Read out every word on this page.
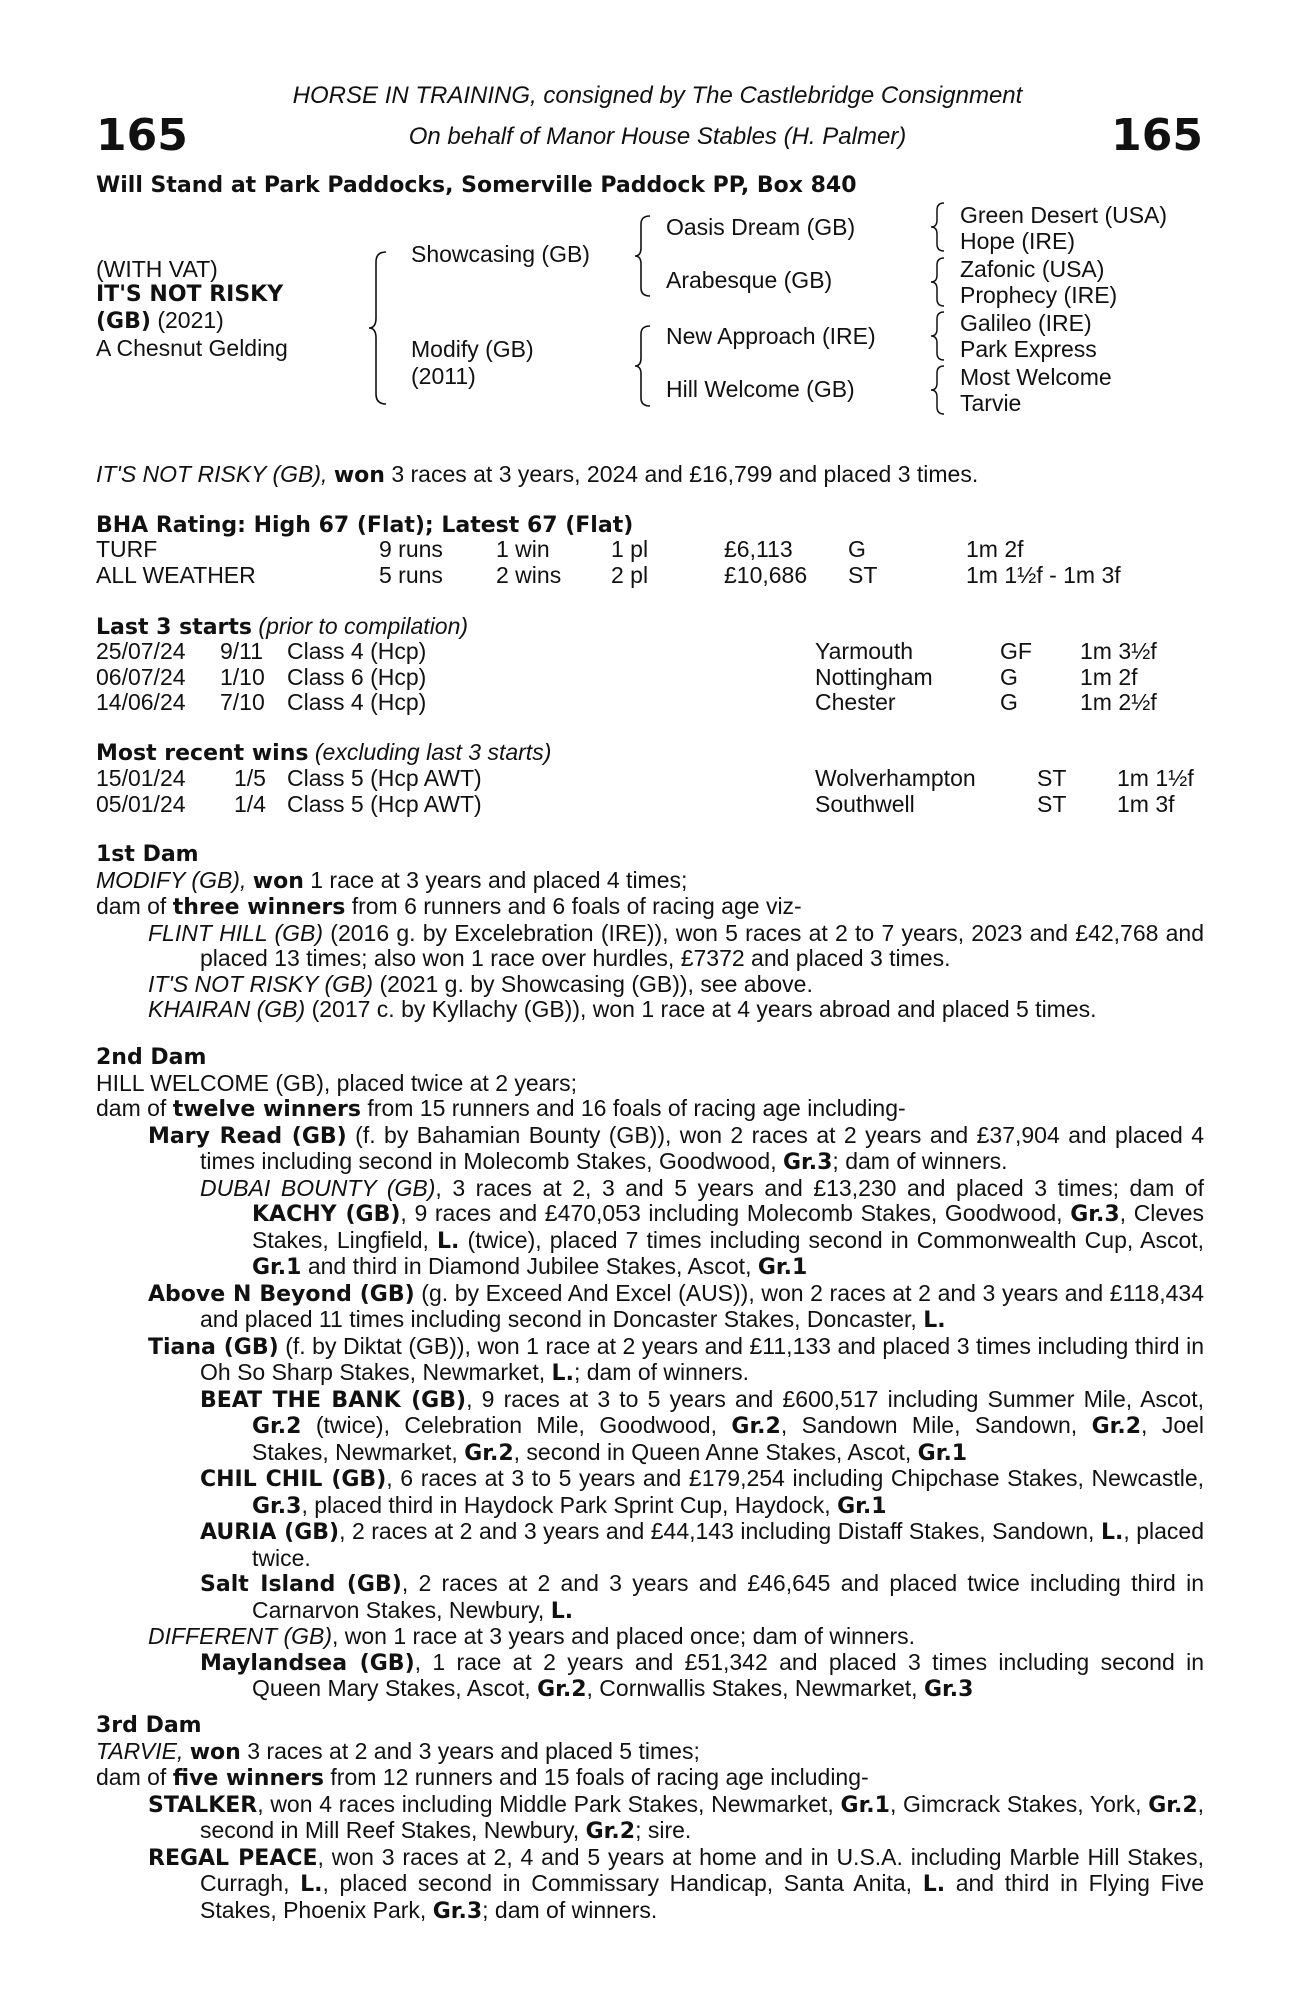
165	165
HORSE IN TRAINING, consigned by The Castlebridge Consignment
On behalf of Manor House Stables (H. Palmer)
Will Stand at Park Paddocks, Somerville Paddock PP, Box 840
(WITH VAT)
IT'S NOT RISKY
(GB) (2021)
A Chesnut Gelding
Showcasing (GB)
Modify (GB)
(2011)
Oasis Dream (GB)
Arabesque (GB)
New Approach (IRE)
Hill Welcome (GB)
Green Desert (USA)
Hope (IRE)
Zafonic (USA)
Prophecy (IRE)
Galileo (IRE)
Park Express
Most Welcome
Tarvie
IT'S NOT RISKY (GB), won 3 races at 3 years, 2024 and £16,799 and placed 3 times.
BHA Rating: High 67 (Flat); Latest 67 (Flat)
TURF	9 runs	1 win	1 pl	£6,113	G	1m 2f
ALL WEATHER	5 runs	2 wins	2 pl	£10,686	ST	1m 1½f - 1m 3f
Last 3 starts (prior to compilation)
25/07/24	9/11	Class 4 (Hcp)	Yarmouth	GF	1m 3½f
06/07/24	1/10	Class 6 (Hcp)	Nottingham	G	1m 2f
14/06/24	7/10	Class 4 (Hcp)	Chester	G	1m 2½f
Most recent wins (excluding last 3 starts)
15/01/24	1/5	Class 5 (Hcp AWT)	Wolverhampton	ST	1m 1½f
05/01/24	1/4	Class 5 (Hcp AWT)	Southwell	ST	1m 3f
1st Dam
MODIFY (GB), won 1 race at 3 years and placed 4 times;
dam of three winners from 6 runners and 6 foals of racing age viz-
FLINT HILL (GB) (2016 g. by Excelebration (IRE)), won 5 races at 2 to 7 years, 2023 and £42,768 and placed 13 times; also won 1 race over hurdles, £7372 and placed 3 times.
IT'S NOT RISKY (GB) (2021 g. by Showcasing (GB)), see above.
KHAIRAN (GB) (2017 c. by Kyllachy (GB)), won 1 race at 4 years abroad and placed 5 times.
2nd Dam
HILL WELCOME (GB), placed twice at 2 years;
dam of twelve winners from 15 runners and 16 foals of racing age including-
Mary Read (GB) (f. by Bahamian Bounty (GB)), won 2 races at 2 years and £37,904 and placed 4 times including second in Molecomb Stakes, Goodwood, Gr.3; dam of winners.
DUBAI BOUNTY (GB), 3 races at 2, 3 and 5 years and £13,230 and placed 3 times; dam of KACHY (GB), 9 races and £470,053 including Molecomb Stakes, Goodwood, Gr.3, Cleves Stakes, Lingfield, L. (twice), placed 7 times including second in Commonwealth Cup, Ascot, Gr.1 and third in Diamond Jubilee Stakes, Ascot, Gr.1
Above N Beyond (GB) (g. by Exceed And Excel (AUS)), won 2 races at 2 and 3 years and £118,434 and placed 11 times including second in Doncaster Stakes, Doncaster, L.
Tiana (GB) (f. by Diktat (GB)), won 1 race at 2 years and £11,133 and placed 3 times including third in Oh So Sharp Stakes, Newmarket, L.; dam of winners.
BEAT THE BANK (GB), 9 races at 3 to 5 years and £600,517 including Summer Mile, Ascot, Gr.2 (twice), Celebration Mile, Goodwood, Gr.2, Sandown Mile, Sandown, Gr.2, Joel Stakes, Newmarket, Gr.2, second in Queen Anne Stakes, Ascot, Gr.1
CHIL CHIL (GB), 6 races at 3 to 5 years and £179,254 including Chipchase Stakes, Newcastle, Gr.3, placed third in Haydock Park Sprint Cup, Haydock, Gr.1
AURIA (GB), 2 races at 2 and 3 years and £44,143 including Distaff Stakes, Sandown, L., placed twice.
Salt Island (GB), 2 races at 2 and 3 years and £46,645 and placed twice including third in Carnarvon Stakes, Newbury, L.
DIFFERENT (GB), won 1 race at 3 years and placed once; dam of winners.
Maylandsea (GB), 1 race at 2 years and £51,342 and placed 3 times including second in Queen Mary Stakes, Ascot, Gr.2, Cornwallis Stakes, Newmarket, Gr.3
3rd Dam
TARVIE, won 3 races at 2 and 3 years and placed 5 times;
dam of five winners from 12 runners and 15 foals of racing age including-
STALKER, won 4 races including Middle Park Stakes, Newmarket, Gr.1, Gimcrack Stakes, York, Gr.2, second in Mill Reef Stakes, Newbury, Gr.2; sire.
REGAL PEACE, won 3 races at 2, 4 and 5 years at home and in U.S.A. including Marble Hill Stakes, Curragh, L., placed second in Commissary Handicap, Santa Anita, L. and third in Flying Five Stakes, Phoenix Park, Gr.3; dam of winners.
